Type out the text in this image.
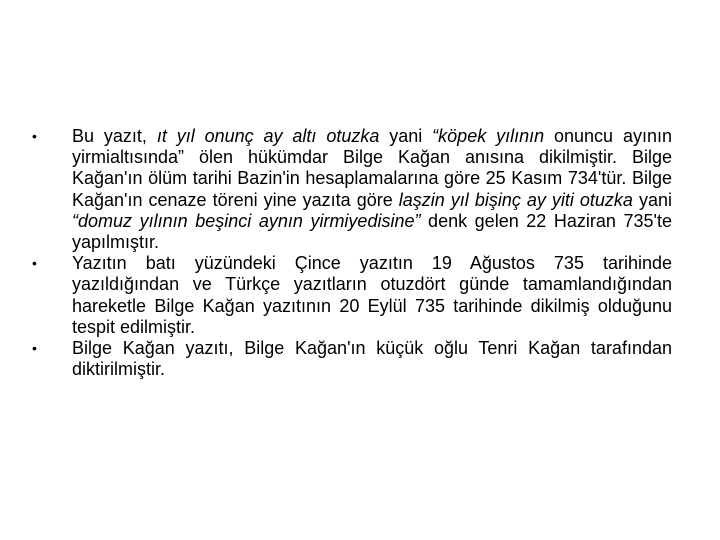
•	Bu yazıt, ıt yıl onunç ay altı otuzka yani “köpek yılının onuncu ayının yirmialtısında” ölen hükümdar Bilge Kağan anısına dikilmiştir. Bilge Kağan'ın ölüm tarihi Bazin'in hesaplamalarına göre 25 Kasım 734'tür. Bilge Kağan'ın cenaze töreni yine yazıta göre laşzin yıl bişinç ay yiti otuzka yani “domuz yılının beşinci aynın yirmiyedisine” denk gelen 22 Haziran 735'te yapılmıştır.
•	Yazıtın batı yüzündeki Çince yazıtın 19 Ağustos 735 tarihinde yazıldığından ve Türkçe yazıtların otuzdört günde tamamlandığından hareketle Bilge Kağan yazıtının 20 Eylül 735 tarihinde dikilmiş olduğunu tespit edilmiştir.
•	Bilge Kağan yazıtı, Bilge Kağan'ın küçük oğlu Tenri Kağan tarafından diktirilmiştir.
